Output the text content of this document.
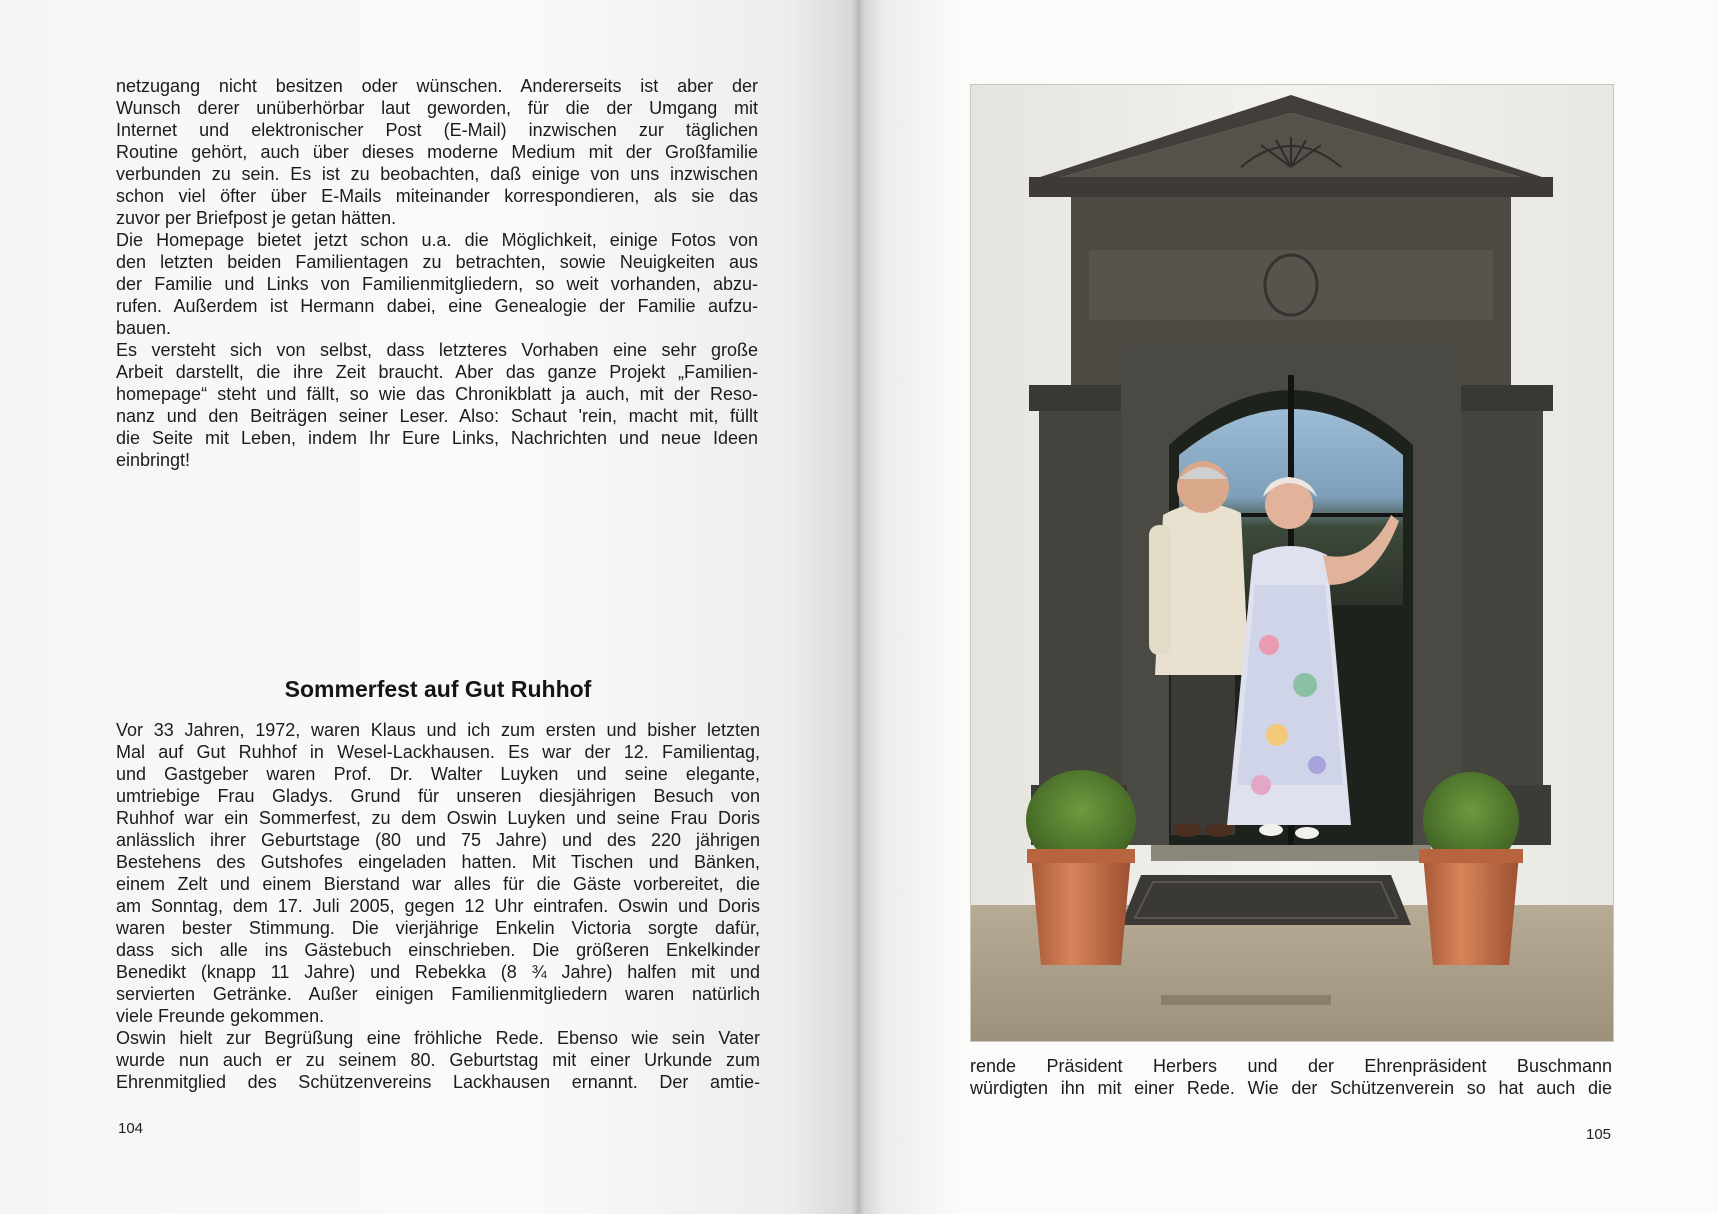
netzugang nicht besitzen oder wünschen. Andererseits ist aber der
Wunsch derer unüberhörbar laut geworden, für die der Umgang mit
Internet und elektronischer Post (E-Mail) inzwischen zur täglichen
Routine gehört, auch über dieses moderne Medium mit der Großfamilie
verbunden zu sein. Es ist zu beobachten, daß einige von uns inzwischen
schon viel öfter über E-Mails miteinander korrespondieren, als sie das
zuvor per Briefpost je getan hätten.
Die Homepage bietet jetzt schon u.a. die Möglichkeit, einige Fotos von
den letzten beiden Familientagen zu betrachten, sowie Neuigkeiten aus
der Familie und Links von Familienmitgliedern, so weit vorhanden, abzu-
rufen. Außerdem ist Hermann dabei, eine Genealogie der Familie aufzu-
bauen.
Es versteht sich von selbst, dass letzteres Vorhaben eine sehr große
Arbeit darstellt, die ihre Zeit braucht. Aber das ganze Projekt „Familien-
homepage“ steht und fällt, so wie das Chronikblatt ja auch, mit der Reso-
nanz und den Beiträgen seiner Leser. Also: Schaut 'rein, macht mit, füllt
die Seite mit Leben, indem Ihr Eure Links, Nachrichten und neue Ideen
einbringt!
Sommerfest auf Gut Ruhhof
Vor 33 Jahren, 1972, waren Klaus und ich zum ersten und bisher letzten
Mal auf Gut Ruhhof in Wesel-Lackhausen. Es war der 12. Familientag,
und Gastgeber waren Prof. Dr. Walter Luyken und seine elegante,
umtriebige Frau Gladys. Grund für unseren diesjährigen Besuch von
Ruhhof war ein Sommerfest, zu dem Oswin Luyken und seine Frau Doris
anlässlich ihrer Geburtstage (80 und 75 Jahre) und des 220 jährigen
Bestehens des Gutshofes eingeladen hatten. Mit Tischen und Bänken,
einem Zelt und einem Bierstand war alles für die Gäste vorbereitet, die
am Sonntag, dem 17. Juli 2005, gegen 12 Uhr eintrafen. Oswin und Doris
waren bester Stimmung. Die vierjährige Enkelin Victoria sorgte dafür,
dass sich alle ins Gästebuch einschrieben. Die größeren Enkelkinder
Benedikt (knapp 11 Jahre) und Rebekka (8 ¾ Jahre) halfen mit und
servierten Getränke. Außer einigen Familienmitgliedern waren natürlich
viele Freunde gekommen.
Oswin hielt zur Begrüßung eine fröhliche Rede. Ebenso wie sein Vater
wurde nun auch er zu seinem 80. Geburtstag mit einer Urkunde zum
Ehrenmitglied des Schützenvereins Lackhausen ernannt. Der amtie-
104
rende Präsident Herbers und der Ehrenpräsident Buschmann
würdigten ihn mit einer Rede. Wie der Schützenverein so hat auch die
105
